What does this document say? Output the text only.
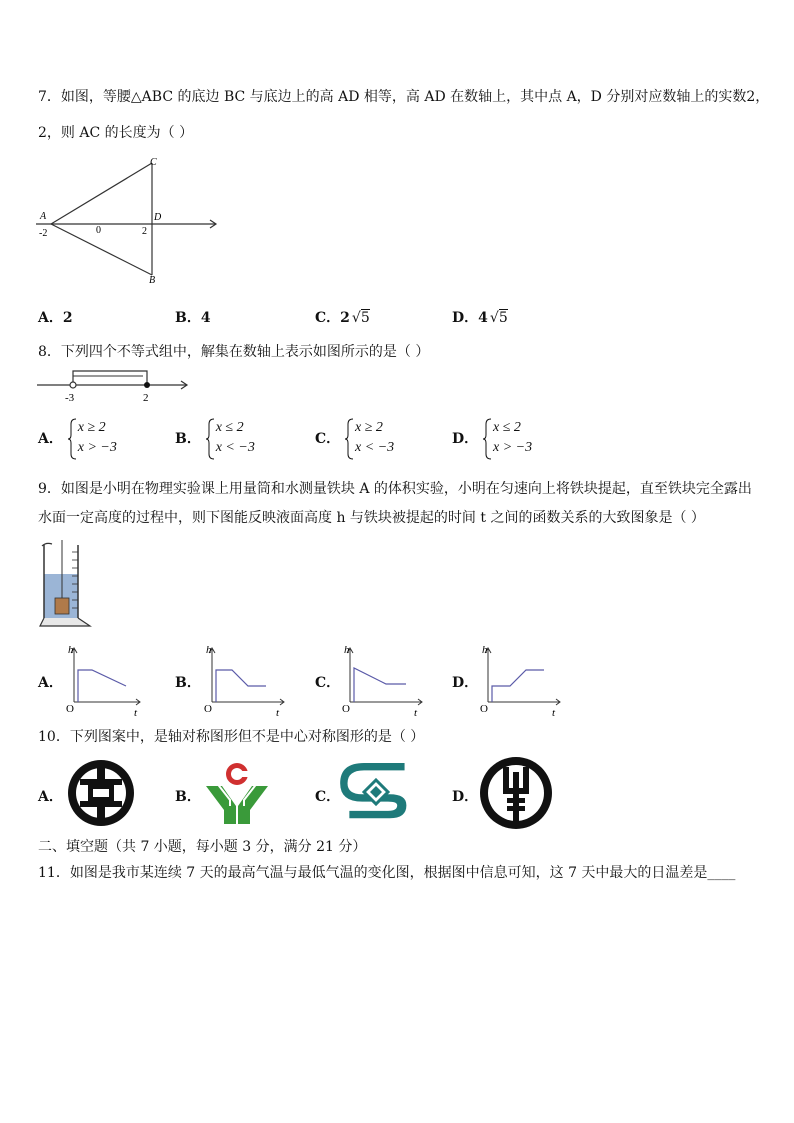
7．如图，等腰△ABC 的底边 BC 与底边上的高 AD 相等，高 AD 在数轴上，其中点 A，D 分别对应数轴上的实数2，
2，则 AC 的长度为（ ）
C
B
A	D
-2	0	2
A．2	B．4	C．2 √5	D．4 √5
8．下列四个不等式组中，解集在数轴上表示如图所示的是（ ）
-3	2
A．
x ≥ 2
x > −3
B．
x ≤ 2
x < −3
C．
x ≥ 2
x < −3
D．
x ≤ 2
x > −3
9．如图是小明在物理实验课上用量筒和水测量铁块 A 的体积实验，小明在匀速向上将铁块提起，直至铁块完全露出
水面一定高度的过程中，则下图能反映液面高度 h 与铁块被提起的时间 t 之间的函数关系的大致图象是（ ）
A．
h
t
O
B．
h
t
O
C．
h
t
O
D．
h
t
O
10．下列图案中，是轴对称图形但不是中心对称图形的是（ ）
A．	B．	C．	D．
二、填空题（共 7 小题，每小题 3 分，满分 21 分）
11．如图是我市某连续 7 天的最高气温与最低气温的变化图，根据图中信息可知，这 7 天中最大的日温差是____
